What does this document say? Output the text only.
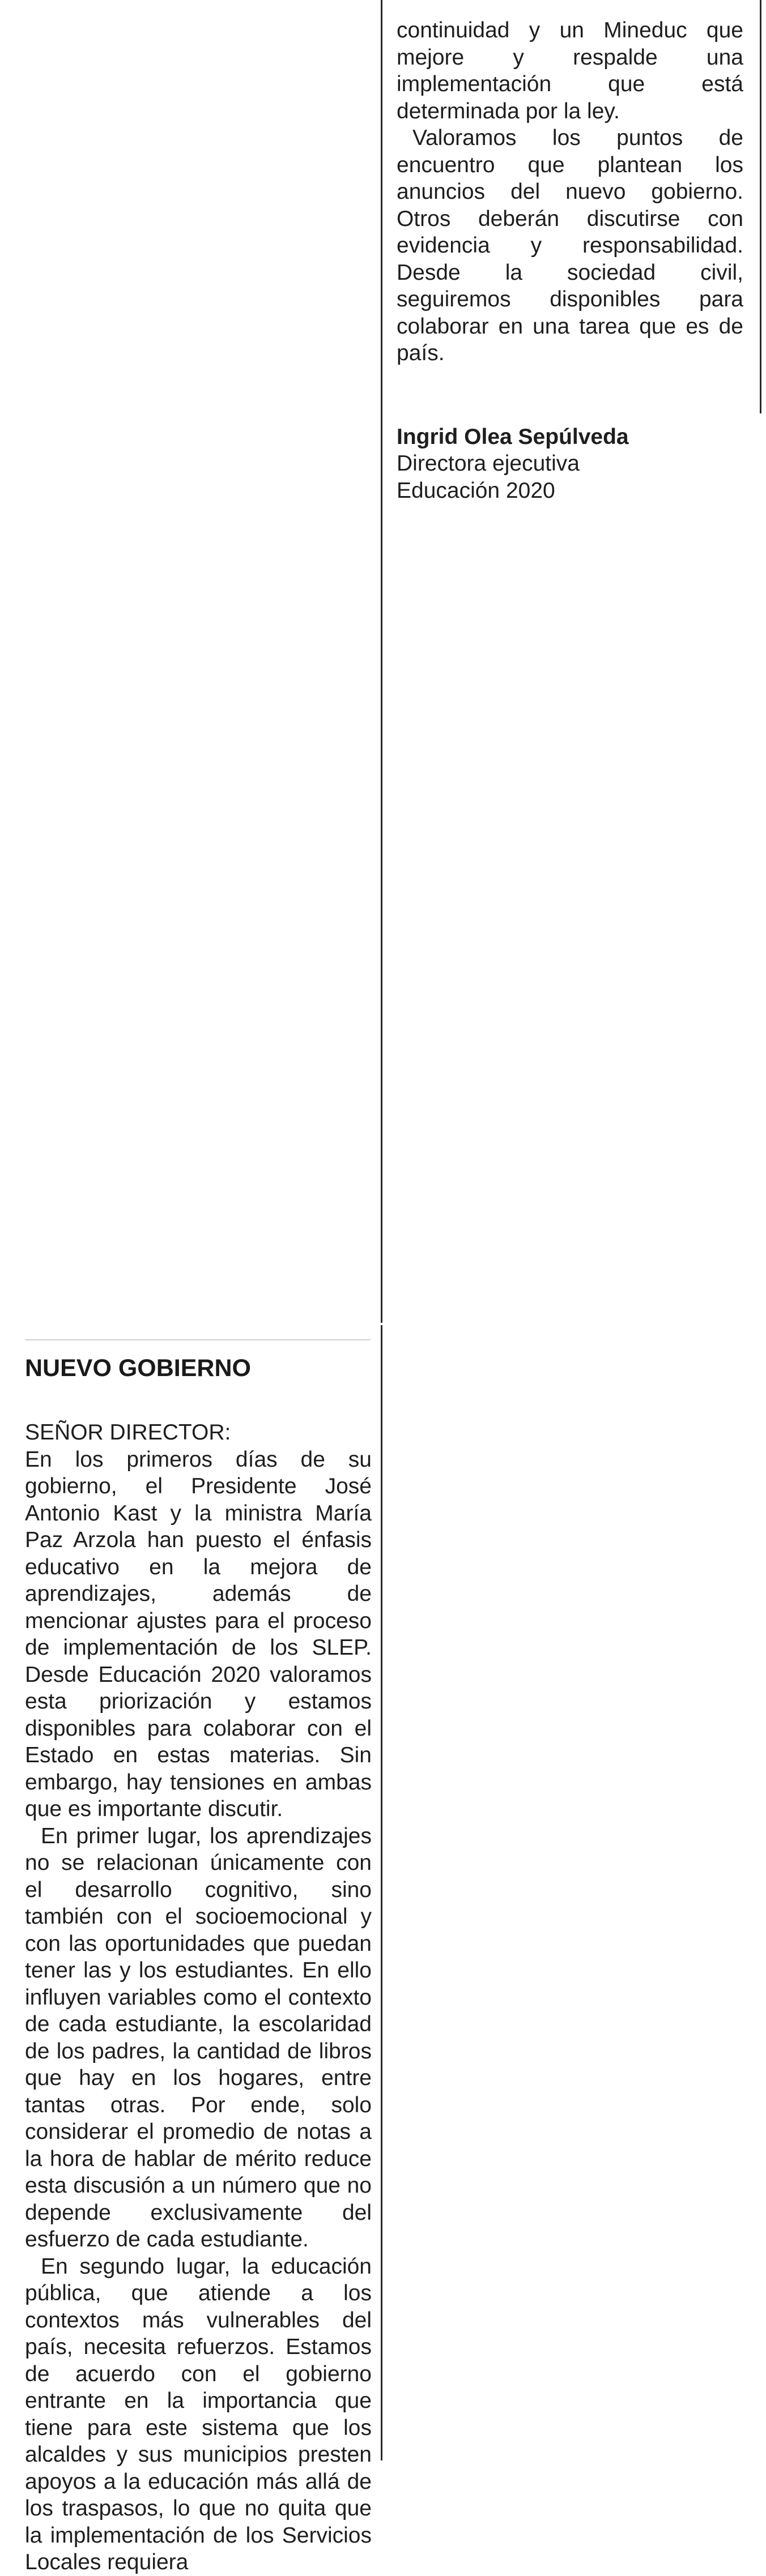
continuidad y un Mineduc que mejore y respalde una implementación que está determinada por la ley.

Valoramos los puntos de encuentro que plantean los anuncios del nuevo gobierno. Otros deberán discutirse con evidencia y responsabilidad. Desde la sociedad civil, seguiremos disponibles para colaborar en una tarea que es de país.

Ingrid Olea Sepúlveda
Directora ejecutiva
Educación 2020
NUEVO GOBIERNO
SEÑOR DIRECTOR:

En los primeros días de su gobierno, el Presidente José Antonio Kast y la ministra María Paz Arzola han puesto el énfasis educativo en la mejora de aprendizajes, además de mencionar ajustes para el proceso de implementación de los SLEP. Desde Educación 2020 valoramos esta priorización y estamos disponibles para colaborar con el Estado en estas materias. Sin embargo, hay tensiones en ambas que es importante discutir.

En primer lugar, los aprendizajes no se relacionan únicamente con el desarrollo cognitivo, sino también con el socioemocional y con las oportunidades que puedan tener las y los estudiantes. En ello influyen variables como el contexto de cada estudiante, la escolaridad de los padres, la cantidad de libros que hay en los hogares, entre tantas otras. Por ende, solo considerar el promedio de notas a la hora de hablar de mérito reduce esta discusión a un número que no depende exclusivamente del esfuerzo de cada estudiante.

En segundo lugar, la educación pública, que atiende a los contextos más vulnerables del país, necesita refuerzos. Estamos de acuerdo con el gobierno entrante en la importancia que tiene para este sistema que los alcaldes y sus municipios presten apoyos a la educación más allá de los traspasos, lo que no quita que la implementación de los Servicios Locales requiera
